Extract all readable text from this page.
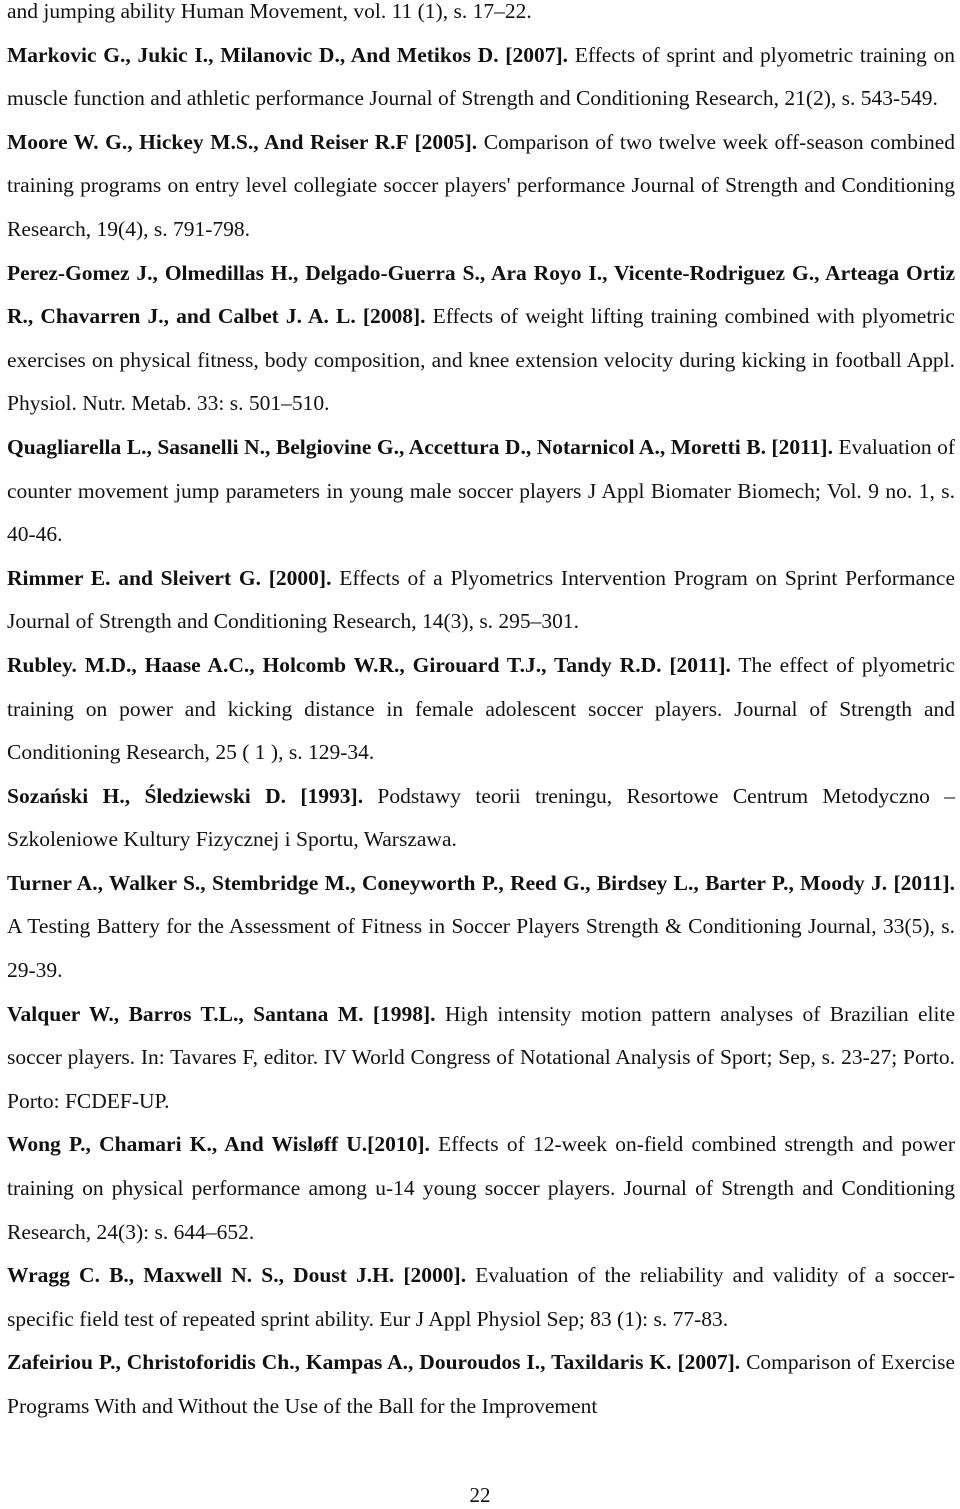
and jumping ability Human Movement, vol. 11 (1), s. 17–22.

Markovic G., Jukic I., Milanovic D., And Metikos D. [2007]. Effects of sprint and plyometric training on muscle function and athletic performance Journal of Strength and Conditioning Research, 21(2), s. 543-549.

Moore W. G., Hickey M.S., And Reiser R.F [2005]. Comparison of two twelve week off-season combined training programs on entry level collegiate soccer players' performance Journal of Strength and Conditioning Research, 19(4), s. 791-798.

Perez-Gomez J., Olmedillas H., Delgado-Guerra S., Ara Royo I., Vicente-Rodriguez G., Arteaga Ortiz R., Chavarren J., and Calbet J. A. L. [2008]. Effects of weight lifting training combined with plyometric exercises on physical fitness, body composition, and knee extension velocity during kicking in football Appl. Physiol. Nutr. Metab. 33: s. 501–510.

Quagliarella L., Sasanelli N., Belgiovine G., Accettura D., Notarnicol A., Moretti B. [2011]. Evaluation of counter movement jump parameters in young male soccer players J Appl Biomater Biomech; Vol. 9 no. 1, s. 40-46.

Rimmer E. and Sleivert G. [2000]. Effects of a Plyometrics Intervention Program on Sprint Performance Journal of Strength and Conditioning Research, 14(3), s. 295–301.

Rubley. M.D., Haase A.C., Holcomb W.R., Girouard T.J., Tandy R.D. [2011]. The effect of plyometric training on power and kicking distance in female adolescent soccer players. Journal of Strength and Conditioning Research, 25 ( 1 ), s. 129-34.

Sozański H., Śledziewski D. [1993]. Podstawy teorii treningu, Resortowe Centrum Metodyczno – Szkoleniowe Kultury Fizycznej i Sportu, Warszawa.

Turner A., Walker S., Stembridge M., Coneyworth P., Reed G., Birdsey L., Barter P., Moody J. [2011]. A Testing Battery for the Assessment of Fitness in Soccer Players Strength & Conditioning Journal, 33(5), s. 29-39.

Valquer W., Barros T.L., Santana M. [1998]. High intensity motion pattern analyses of Brazilian elite soccer players. In: Tavares F, editor. IV World Congress of Notational Analysis of Sport; Sep, s. 23-27; Porto. Porto: FCDEF-UP.

Wong P., Chamari K., And Wisløff U.[2010]. Effects of 12-week on-field combined strength and power training on physical performance among u-14 young soccer players. Journal of Strength and Conditioning Research, 24(3): s. 644–652.

Wragg C. B., Maxwell N. S., Doust J.H. [2000]. Evaluation of the reliability and validity of a soccer-specific field test of repeated sprint ability. Eur J Appl Physiol Sep; 83 (1): s. 77-83.

Zafeiriou P., Christoforidis Ch., Kampas A., Douroudos I., Taxildaris K. [2007]. Comparison of Exercise Programs With and Without the Use of the Ball for the Improvement

22
